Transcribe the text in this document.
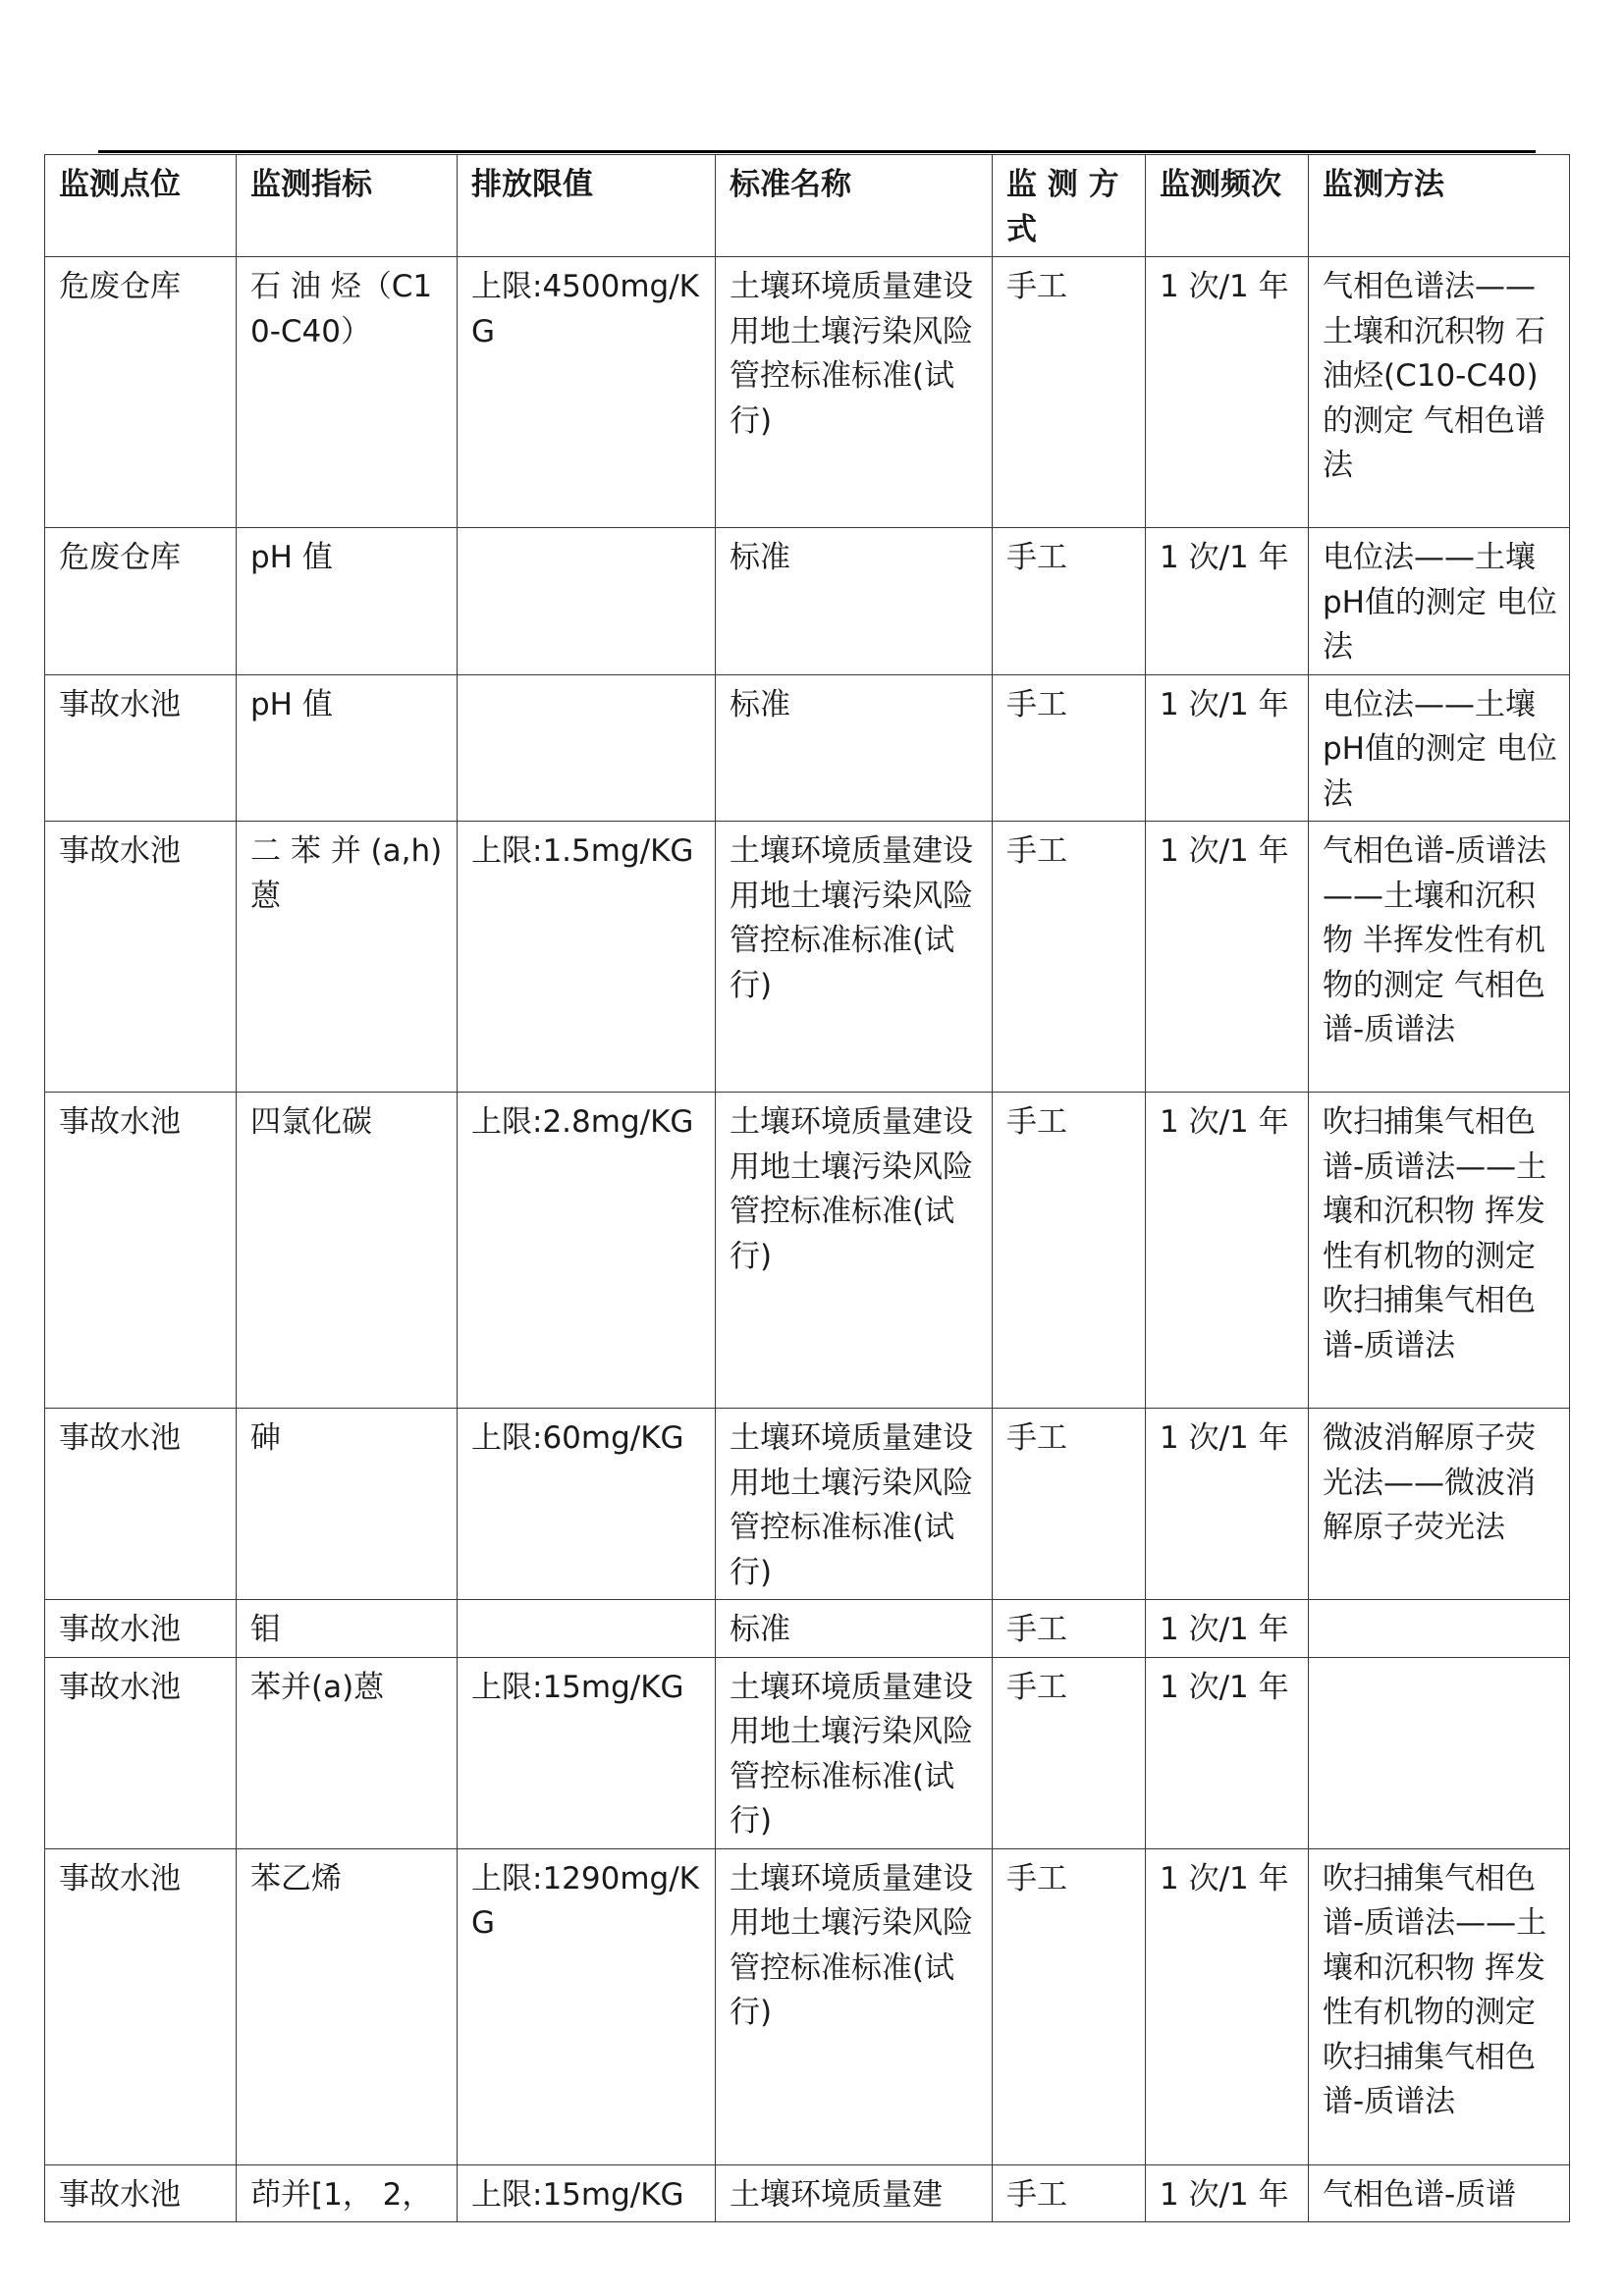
监测点位	监测指标	排放限值	标准名称	监 测 方式	监测频次	监测方法
危废仓库	石 油 烃（C10-C40）	上限:4500mg/KG	土壤环境质量建设用地土壤污染风险管控标准标准(试行)	手工	1 次/1 年	气相色谱法——土壤和沉积物 石油烃(C10-C40) 的测定 气相色谱法
危废仓库	pH 值		标准	手工	1 次/1 年	电位法——土壤 pH值的测定 电位法
事故水池	pH 值		标准	手工	1 次/1 年	电位法——土壤 pH值的测定 电位法
事故水池	二 苯 并 (a,h) 蒽	上限:1.5mg/KG	土壤环境质量建设用地土壤污染风险管控标准标准(试行)	手工	1 次/1 年	气相色谱-质谱法——土壤和沉积物 半挥发性有机物的测定 气相色谱-质谱法
事故水池	四氯化碳	上限:2.8mg/KG	土壤环境质量建设用地土壤污染风险管控标准标准(试行)	手工	1 次/1 年	吹扫捕集气相色谱-质谱法——土壤和沉积物 挥发性有机物的测定 吹扫捕集气相色谱-质谱法
事故水池	砷	上限:60mg/KG	土壤环境质量建设用地土壤污染风险管控标准标准(试行)	手工	1 次/1 年	微波消解原子荧光法——微波消解原子荧光法
事故水池	钼		标准	手工	1 次/1 年	
事故水池	苯并(a)蒽	上限:15mg/KG	土壤环境质量建设用地土壤污染风险管控标准标准(试行)	手工	1 次/1 年	
事故水池	苯乙烯	上限:1290mg/KG	土壤环境质量建设用地土壤污染风险管控标准标准(试行)	手工	1 次/1 年	吹扫捕集气相色谱-质谱法——土壤和沉积物 挥发性有机物的测定 吹扫捕集气相色谱-质谱法
事故水池	茚并[1， 2，	上限:15mg/KG	土壤环境质量建	手工	1 次/1 年	气相色谱-质谱
